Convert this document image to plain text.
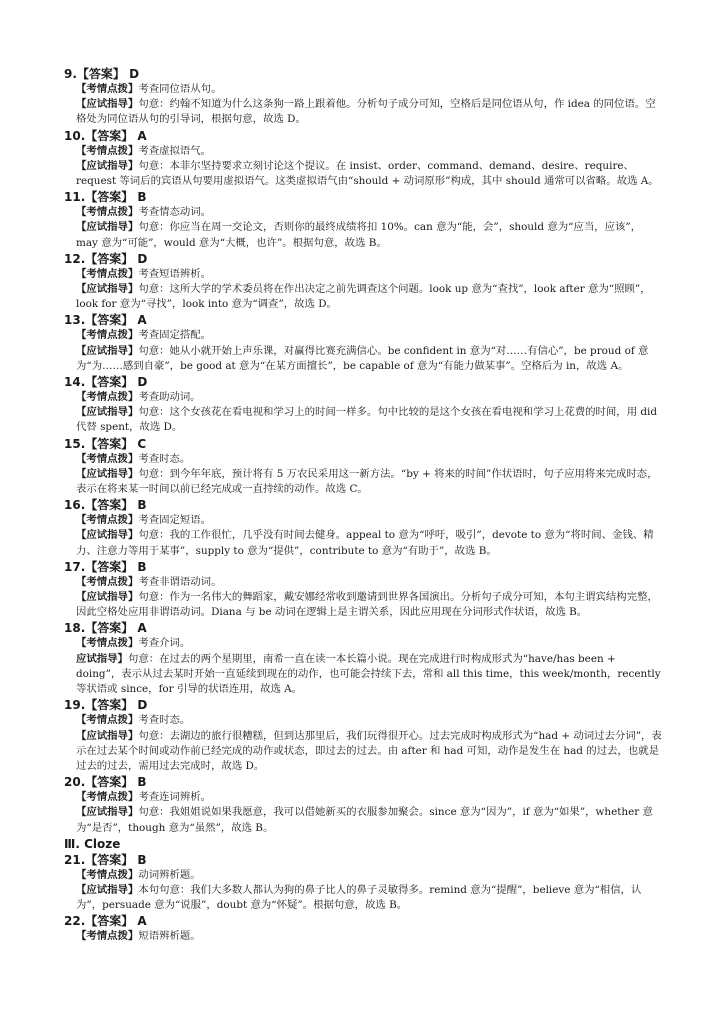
9.【答案】 D
【考情点拨】考查同位语从句。
【应试指导】句意：约翰不知道为什么这条狗一路上跟着他。分析句子成分可知，空格后是同位语从句，作 idea 的同位语。空格处为同位语从句的引导词，根据句意，故选 D。
10.【答案】 A
【考情点拨】考查虚拟语气。
【应试指导】句意：本菲尔坚持要求立刻讨论这个提议。在 insist、order、command、demand、desire、require、request 等词后的宾语从句要用虚拟语气。这类虚拟语气由“should + 动词原形”构成，其中 should 通常可以省略。故选 A。
11.【答案】 B
【考情点拨】考查情态动词。
【应试指导】句意：你应当在周一交论文，否则你的最终成绩将扣 10%。can 意为“能，会”，should 意为“应当，应该”，may 意为“可能”，would 意为“大概，也许”。根据句意，故选 B。
12.【答案】 D
【考情点拨】考查短语辨析。
【应试指导】句意：这所大学的学术委员将在作出决定之前先调查这个问题。look up 意为“查找”，look after 意为“照顾”，look for 意为“寻找”，look into 意为“调查”，故选 D。
13.【答案】 A
【考情点拨】考查固定搭配。
【应试指导】句意：她从小就开始上声乐课，对赢得比赛充满信心。be confident in 意为“对……有信心”，be proud of 意为“为……感到自豪”，be good at 意为“在某方面擅长”，be capable of 意为“有能力做某事”。空格后为 in，故选 A。
14.【答案】 D
【考情点拨】考查助动词。
【应试指导】句意：这个女孩花在看电视和学习上的时间一样多。句中比较的是这个女孩在看电视和学习上花费的时间，用 did 代替 spent，故选 D。
15.【答案】 C
【考情点拨】考查时态。
【应试指导】句意：到今年年底，预计将有 5 万农民采用这一新方法。“by + 将来的时间”作状语时，句子应用将来完成时态，表示在将来某一时间以前已经完成或一直持续的动作。故选 C。
16.【答案】 B
【考情点拨】考查固定短语。
【应试指导】句意：我的工作很忙，几乎没有时间去健身。appeal to 意为“呼吁，吸引”，devote to 意为“将时间、金钱、精力、注意力等用于某事”，supply to 意为“提供”，contribute to 意为“有助于”，故选 B。
17.【答案】 B
【考情点拨】考查非谓语动词。
【应试指导】句意：作为一名伟大的舞蹈家，戴安娜经常收到邀请到世界各国演出。分析句子成分可知，本句主谓宾结构完整，因此空格处应用非谓语动词。Diana 与 be 动词在逻辑上是主谓关系，因此应用现在分词形式作状语，故选 B。
18.【答案】 A
【考情点拨】考查介词。
应试指导】句意：在过去的两个星期里，南希一直在读一本长篇小说。现在完成进行时构成形式为“have/has been + doing”，表示从过去某时开始一直延续到现在的动作，也可能会持续下去，常和 all this time，this week/month，recently 等状语或 since，for 引导的状语连用，故选 A。
19.【答案】 D
【考情点拨】考查时态。
【应试指导】句意：去湖边的旅行很糟糕，但到达那里后，我们玩得很开心。过去完成时构成形式为“had + 动词过去分词”，表示在过去某个时间或动作前已经完成的动作或状态，即过去的过去。由 after 和 had 可知，动作是发生在 had 的过去，也就是过去的过去，需用过去完成时，故选 D。
20.【答案】 B
【考情点拨】考查连词辨析。
【应试指导】句意：我姐姐说如果我愿意，我可以借她新买的衣服参加聚会。since 意为“因为”，if 意为“如果”，whether 意为“是否”，though 意为“虽然”，故选 B。
Ⅲ. Cloze
21.【答案】 B
【考情点拨】动词辨析题。
【应试指导】本句句意：我们大多数人都认为狗的鼻子比人的鼻子灵敏得多。remind 意为“提醒”，believe 意为“相信，认为”，persuade 意为“说服”，doubt 意为“怀疑”。根据句意，故选 B。
22.【答案】 A
【考情点拨】短语辨析题。
